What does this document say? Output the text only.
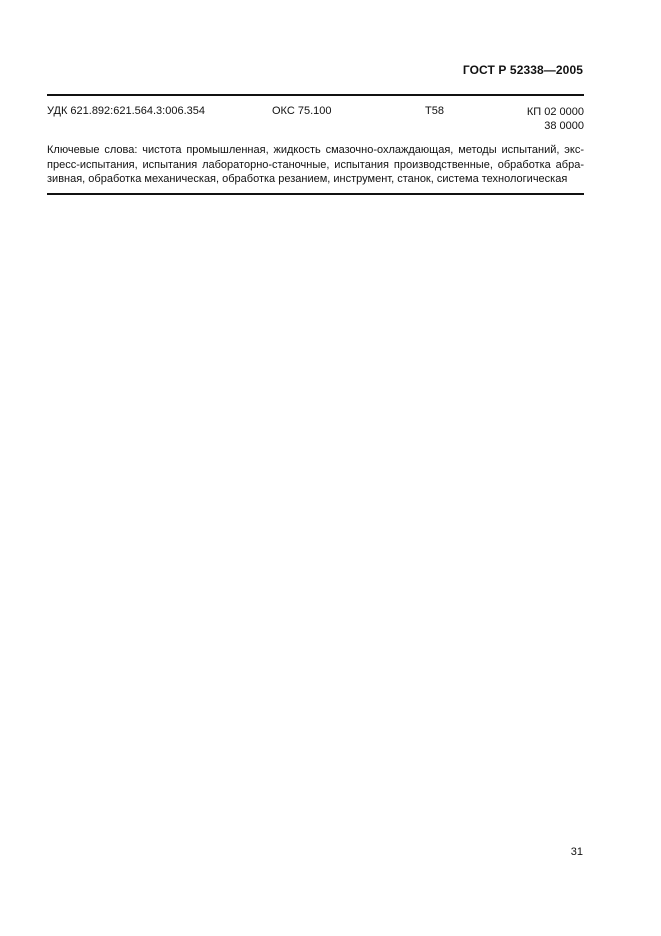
ГОСТ Р 52338—2005
УДК 621.892:621.564.3:006.354	ОКС 75.100	Т58	КП 02 0000
38 0000
Ключевые слова: чистота промышленная, жидкость смазочно-охлаждающая, методы испытаний, экс-
пресс-испытания, испытания лабораторно-станочные, испытания производственные, обработка абра-
зивная, обработка механическая, обработка резанием, инструмент, станок, система технологическая
31
